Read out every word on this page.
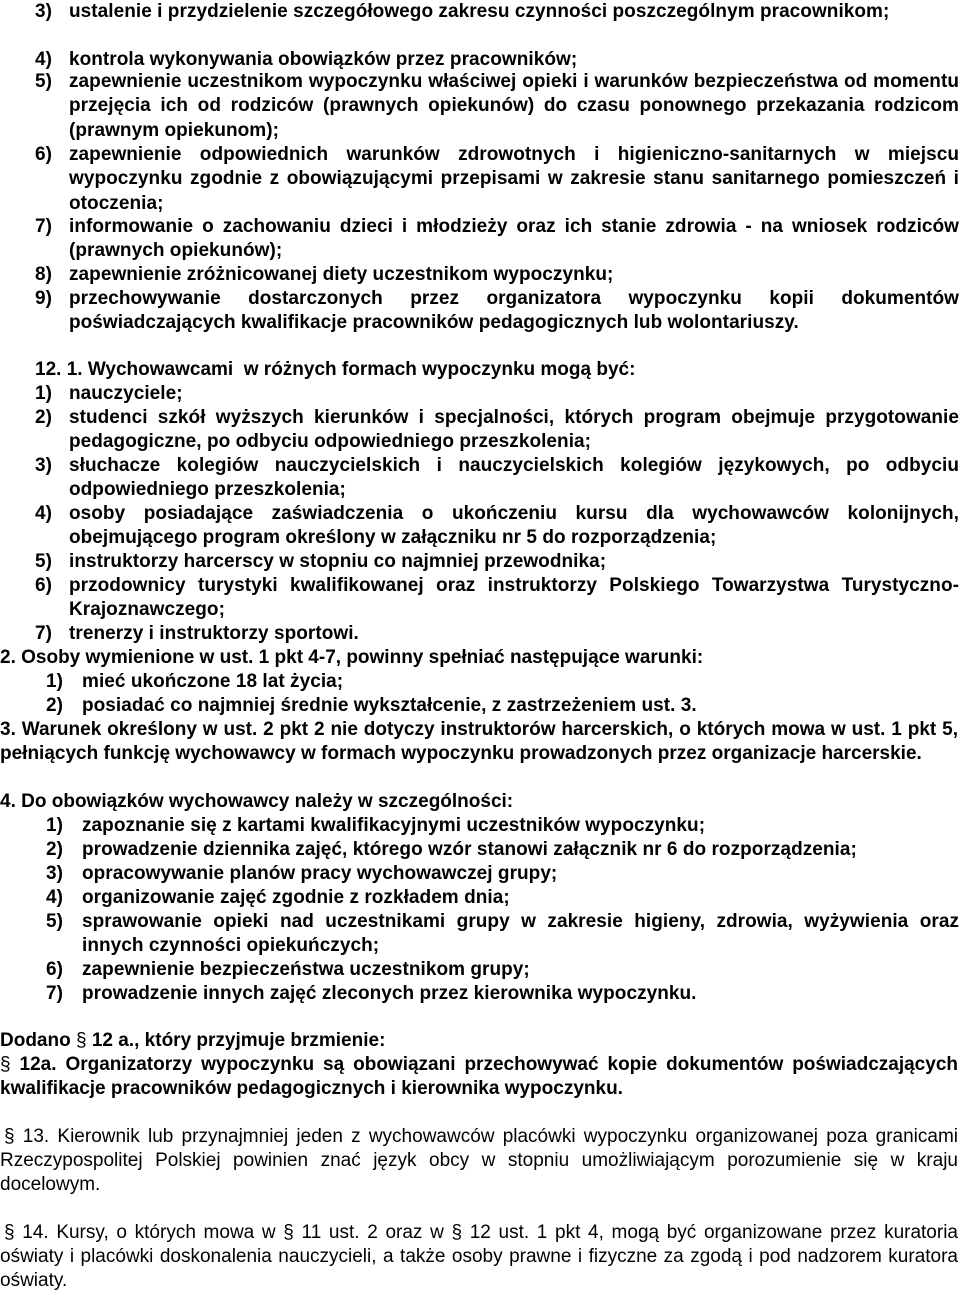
3) ustalenie i przydzielenie szczegółowego zakresu czynności poszczególnym pracownikom;
4) kontrola wykonywania obowiązków przez pracowników;
5) zapewnienie uczestnikom wypoczynku właściwej opieki i warunków bezpieczeństwa od momentu przejęcia ich od rodziców (prawnych opiekunów) do czasu ponownego przekazania rodzicom (prawnym opiekunom);
6) zapewnienie odpowiednich warunków zdrowotnych i higieniczno-sanitarnych w miejscu wypoczynku zgodnie z obowiązującymi przepisami w zakresie stanu sanitarnego pomieszczeń i otoczenia;
7) informowanie o zachowaniu dzieci i młodzieży oraz ich stanie zdrowia - na wniosek rodziców (prawnych opiekunów);
8) zapewnienie zróżnicowanej diety uczestnikom wypoczynku;
9) przechowywanie dostarczonych przez organizatora wypoczynku kopii dokumentów poświadczających kwalifikacje pracowników pedagogicznych lub wolontariuszy.
12. 1. Wychowawcami  w różnych formach wypoczynku mogą być:
1) nauczyciele;
2) studenci szkół wyższych kierunków i specjalności, których program obejmuje przygotowanie pedagogiczne, po odbyciu odpowiedniego przeszkolenia;
3) słuchacze kolegiów nauczycielskich i nauczycielskich kolegiów językowych, po odbyciu odpowiedniego przeszkolenia;
4) osoby posiadające zaświadczenia o ukończeniu kursu dla wychowawców kolonijnych, obejmującego program określony w załączniku nr 5 do rozporządzenia;
5) instruktorzy harcerscy w stopniu co najmniej przewodnika;
6) przodownicy turystyki kwalifikowanej oraz instruktorzy Polskiego Towarzystwa Turystyczno-Krajoznawczego;
7) trenerzy i instruktorzy sportowi.
2. Osoby wymienione w ust. 1 pkt 4-7, powinny spełniać następujące warunki:
1)	mieć ukończone 18 lat życia;
2)	posiadać co najmniej średnie wykształcenie, z zastrzeżeniem ust. 3.

3. Warunek określony w ust. 2 pkt 2 nie dotyczy instruktorów harcerskich, o których mowa w ust. 1 pkt 5, pełniących funkcję wychowawcy w formach wypoczynku prowadzonych przez organizacje harcerskie.

4. Do obowiązków wychowawcy należy w szczególności:
1)	zapoznanie się z kartami kwalifikacyjnymi uczestników wypoczynku;
2)	prowadzenie dziennika zajęć, którego wzór stanowi załącznik nr 6 do rozporządzenia;
3)	opracowywanie planów pracy wychowawczej grupy;
4)	organizowanie zajęć zgodnie z rozkładem dnia;
5)	sprawowanie opieki nad uczestnikami grupy w zakresie higieny, zdrowia, wyżywienia oraz innych czynności opiekuńczych;
6)	zapewnienie bezpieczeństwa uczestnikom grupy;
7)	prowadzenie innych zajęć zleconych przez kierownika wypoczynku.
Dodano § 12 a., który przyjmuje brzmienie:

§ 12a. Organizatorzy wypoczynku są obowiązani przechowywać kopie dokumentów poświadczających kwalifikacje pracowników pedagogicznych i kierownika wypoczynku.

§ 13. Kierownik lub przynajmniej jeden z wychowawców placówki wypoczynku organizowanej poza granicami Rzeczypospolitej Polskiej powinien znać język obcy w stopniu umożliwiającym porozumienie się w kraju docelowym.

§ 14. Kursy, o których mowa w § 11 ust. 2 oraz w § 12 ust. 1 pkt 4, mogą być organizowane przez kuratoria oświaty i placówki doskonalenia nauczycieli, a także osoby prawne i fizyczne za zgodą i pod nadzorem kuratora oświaty.
